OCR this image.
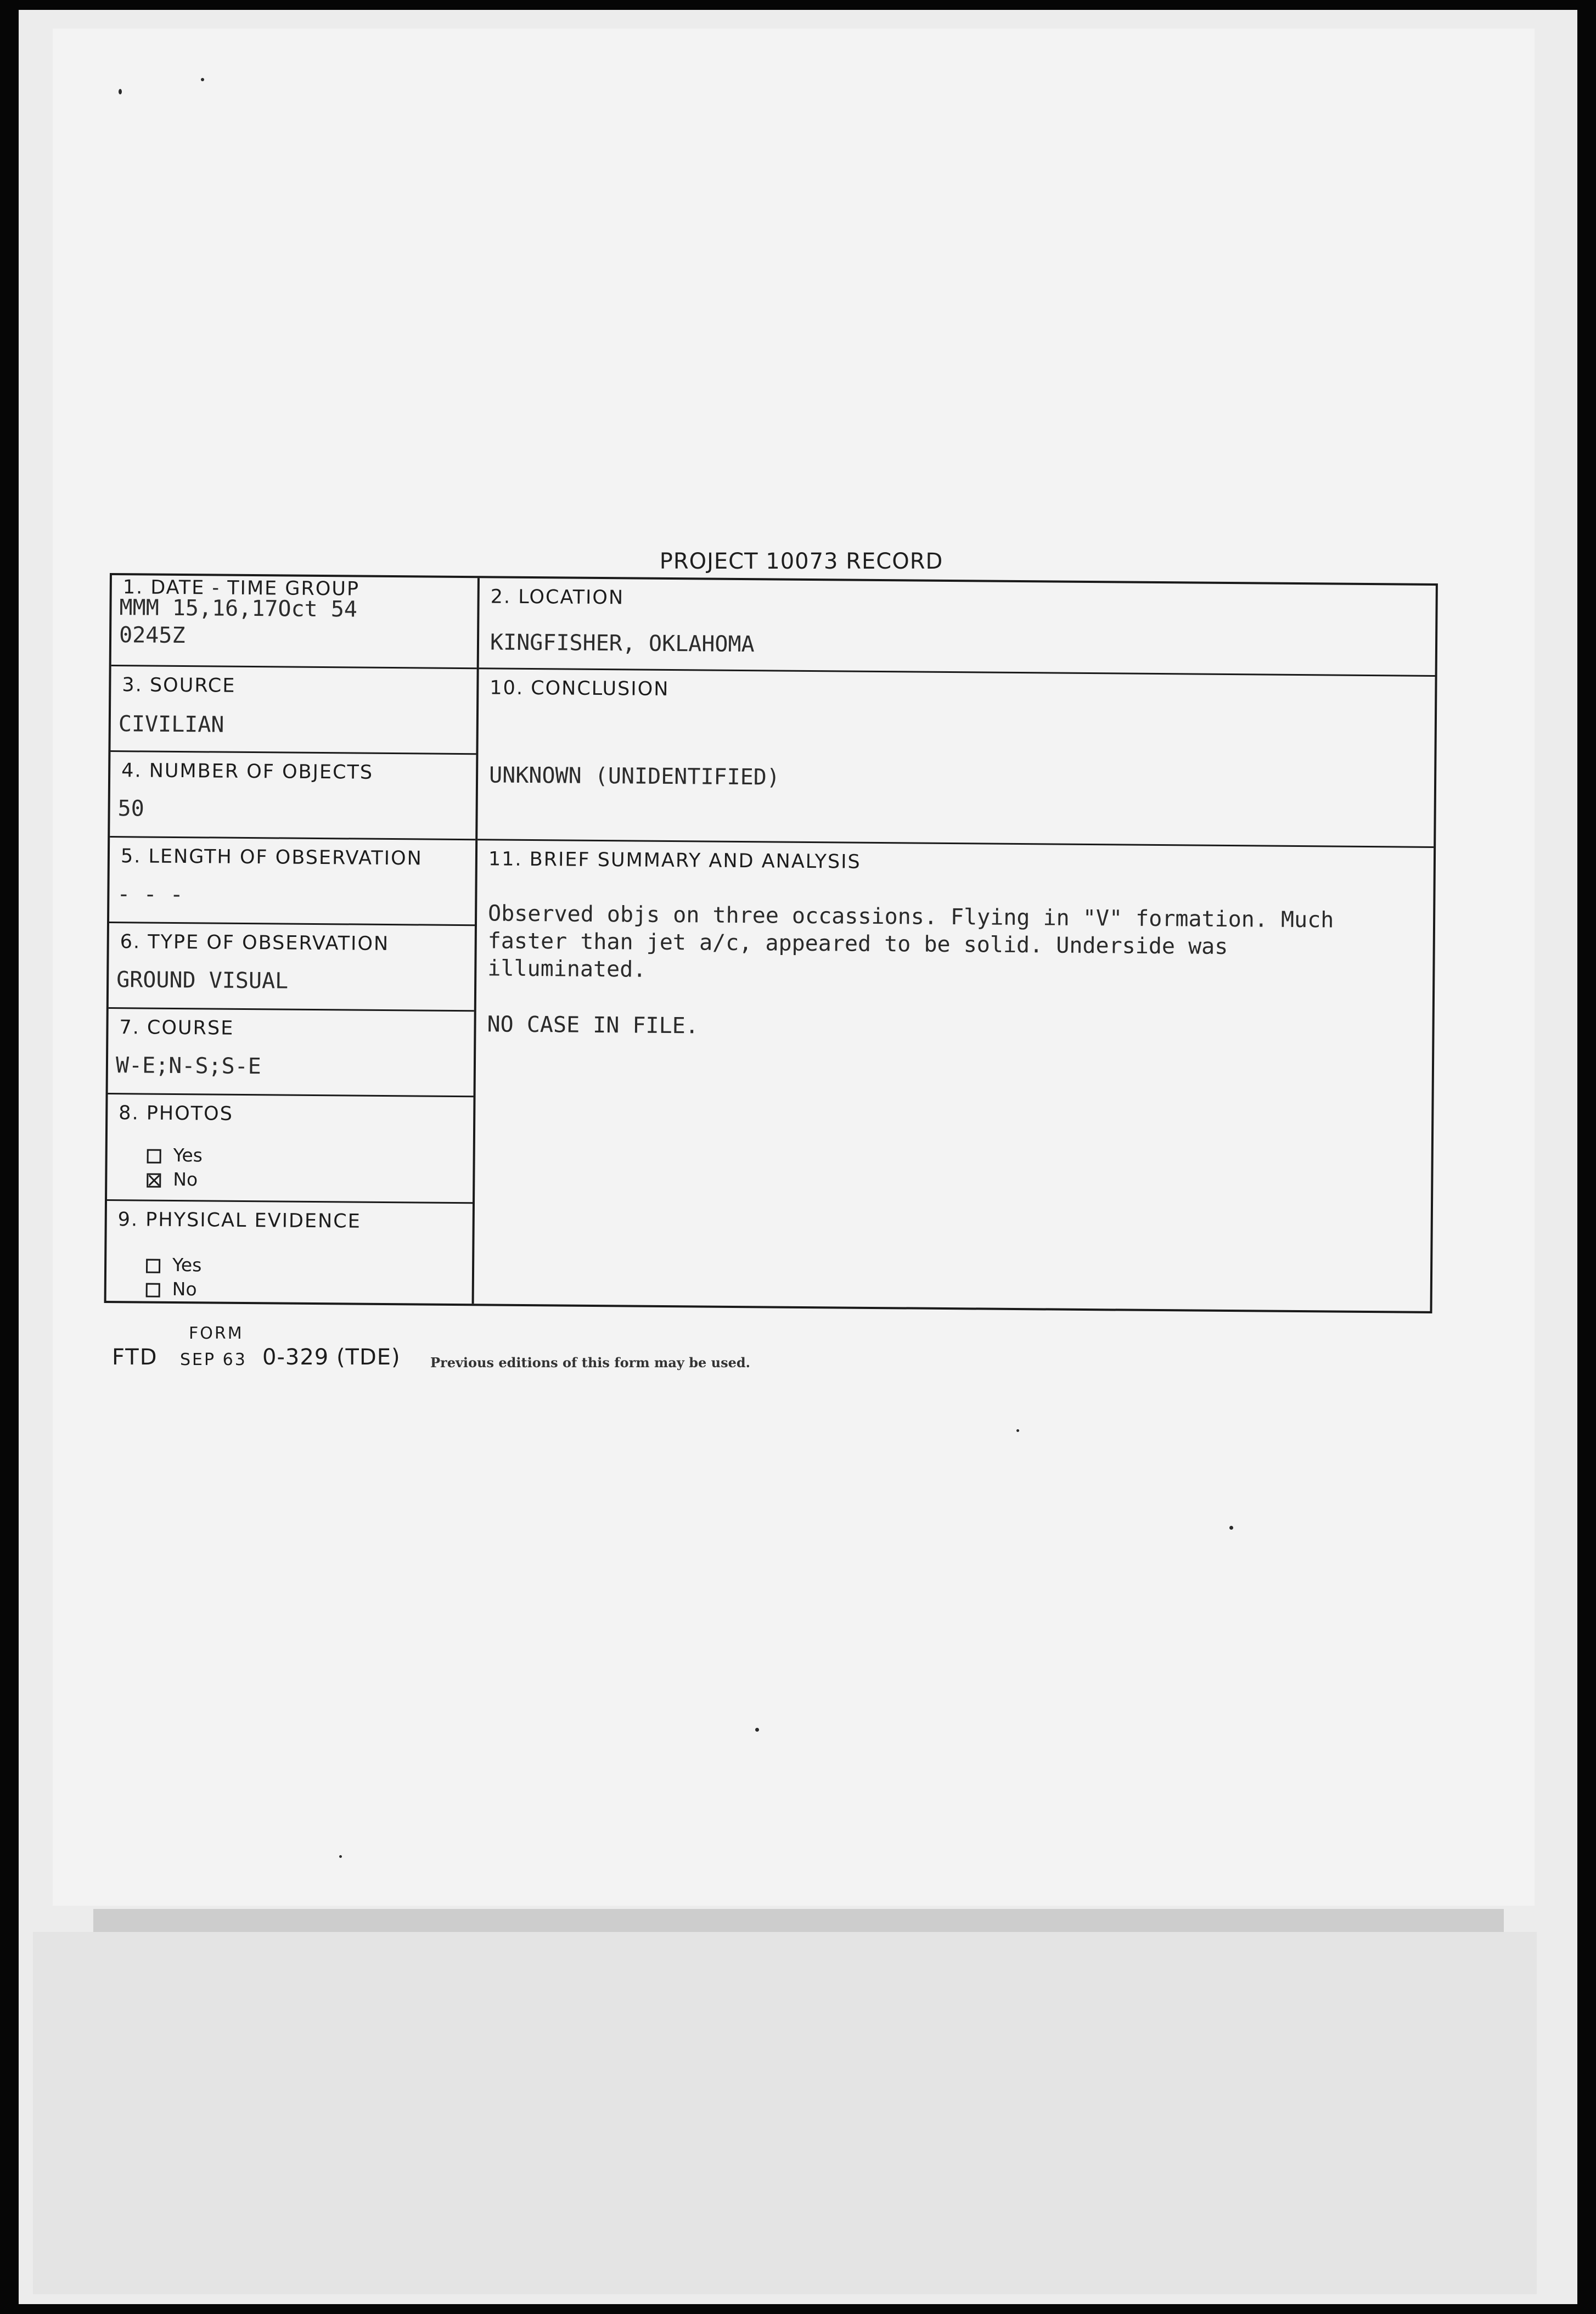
PROJECT 10073 RECORD
1. DATE - TIME GROUP
MMM 15,16,17Oct 54
0245Z
3. SOURCE
CIVILIAN
4. NUMBER OF OBJECTS
50
5. LENGTH OF OBSERVATION
- - -
6. TYPE OF OBSERVATION
GROUND VISUAL
7. COURSE
W-E;N-S;S-E
8. PHOTOS
Yes
No
9. PHYSICAL EVIDENCE
Yes
No
2. LOCATION
KINGFISHER, OKLAHOMA
10. CONCLUSION
UNKNOWN (UNIDENTIFIED)
11. BRIEF SUMMARY AND ANALYSIS

Observed objs on three occassions. Flying in "V" formation. Much faster than jet a/c, appeared to be solid. Underside was illuminated.

NO CASE IN FILE.

FORM
FTD SEP 63 0-329 (TDE) Previous editions of this form may be used.
